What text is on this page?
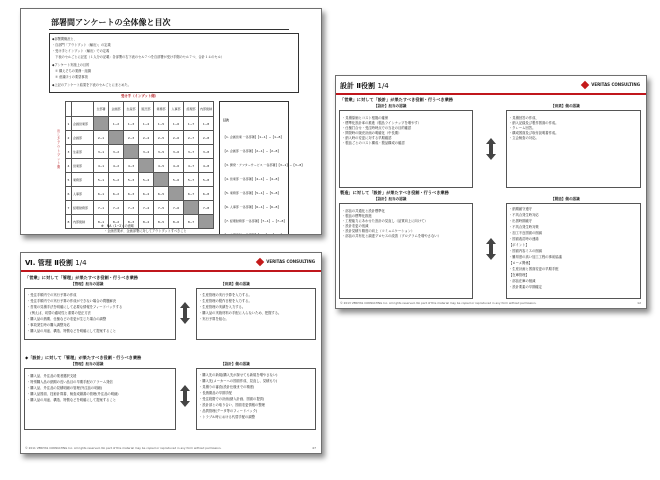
部署間アンケートの全体像と目次
◆部署間概況と、
・自部門「アウトプット（輸出）」の定義
・受け手とインプット（輸出）での定義
　下表のセルごとに記述（１人分の記載：各部署の右下表のセル７つを自部署が受け手側のセル７つ、合計１４のセル）
◆アンケート実施上の目的
　① 構えそちの業務・組織
　② 意識ほうの要望事項
◆上記のアンケート結果を下表のセルごとにまとめた。
受け手（インプット側）
出しそアウトプット側
		全部署	企画部	生産部	販売部	業務部	人事部	経理部	内部統制
1	企画営業部		1−2	1−3	1−4	1−5	1−6	1−7	1−8
2	企画部	2−1		2−3	2−4	2−5	2−6	2−7	2−8
3	生産部	3−1	3−2		3−4	3−5	3−6	3−7	3−8
4	営業部	4−1	4−2	4−3		4−5	4−6	4−7	4−8
5	業務部	5−1	5−2	5−3	5−4		5−6	5−7	5−8
6	人事部	6−1	6−2	6−3	6−4	6−5		6−7	6−8
7	経理財務部	7−1	7−2	7−3	7−4	7−5	7−6		7−8
8	内部統制	8−1	8−2	8−3	8−4	8−5	8−6	8−7	
目次
【1. 企画営業 一各部署】【1−1】−【1−8】
【2. 企画部 一各部署】【2−1】−【2−8】
【3. 開発・アフターサービス 一各部署】【3−1】−【3−8】
【4. 営業部 一各部署】【4−1】−【4−8】
【5. 業務部 一各部署】【5−1】−【5−8】
【6. 人事部 一各部署】【6−1】−【6−8】
【7. 経理財務部 一各部署】【7−1】−【7−8】
【8. 内部統制 一各部署】【8−1】−【8−8】
※　NA（1−2）の意味
　・企画営業が、企画部署に対してアウトプットすべきこと
設計 Ⅱ役割 1/4	VERITAS CONSULTING
「営業」に対して「設計」が果たすべき役割・行うべき業務
【設計】担当の認識	【営業】側の認識
・見積原価とコスト根拠の確保
・標準化設計率の推進（製品ラインナップを増やす）
・仕様打合せ・受注時時点での当社の目的確認
・開発時の販売計画の明確化（中長期）
・納入時の変更に対する早期確認
・製品ごとのコスト構成・製品構成の確認
・見積回答の作成、
・納入記録及び製作図面の作成。
・クレーム回答。
・構成図面及び取付説明書作成。
・立会検査の対応。
製造」に対して「設計」が果たすべき役割・行うべき業務
【設計】担当の認識	【製造】側の認識
・部品の共通化と設計標準化
・製品の標準化推進
・工程能力にあわせた設計の見直し（品質向上に向けて）
・設計変更の低減
・設計見積り精度の向上（コミュニケーション）
・部品の共有化と調達プロセスの改善（プログラムを増やさない）
・納期厳守遵守
・不具合発生時対応
・出図時期厳守
・不具合発生時対策
・加工不良図面の削減
・図面改訂時の連絡
【ポイント】
・図面内容ミスの削減
・難易度の高い加工工程の事前協議
【ローメ関係】
・生産計画と図面変更の早期手配
【在庫管理】
・部品在庫の削減
・設計要素の早期確定
© 2013 VERITAS CONSULTING Inc. All rights reserved. No part of this material may be copied or reproduced in any form without permission.	12
Ⅵ. 管理 Ⅱ役割 1/4	VERITAS CONSULTING
「営業」に対して「管理」が果たすべき役割・行うべき業務
【管理】担当の認識	【営業】側の認識
・受注手順内での実行予算の作成
・受注手順内での実行予算の作成ができない場合の問題解決
・営業の見積手法を明確にして必要な情報をフィードバックする
　(例えば、切替の適切性と重要の是正方法
・購入品の納期、仕様などの変更が生じた場合の調整
・事故発生時の購入調整対応
・購入品の用途、構造、特徴などを明確にして提案すること
・生産管理の実行予算を入力する。
・生産管理の製作日程を入力する。
・生産管理の実績を入力する。
・購入品の実施材料の手配に入らないため、把握する。
・実行予算を組む。
◆「設計」に対して「管理」が果たすべき役割・行うべき業務
【管理】担当の認識	【設計】側の認識
・購入品、外注品の業者選択支援
・特別購入品の納期の長い品目の早期手配のアラーム発信
・購入品、外注品の見積明細の管理(外注品の明細)
・購入品図面、技術計算書、検査成績書の管理(外注品の明細)
・購入品の用途、構造、特徴などを明確にして提案すること
・購入先の新規(購入先が探せても新規を増やさない)
・購入先(メーカーへの図面作成、見直し、見積もり)
・見積りの審査(設計仕様までの精度)
・長納期品の早期手配
・受注段階での計画(納入計画、図面の提供)
・設計部との取り合い、図面変更情報の整理
・品質管理(データ等のフィードバック)
・トラブル時における代替手配の調整
© 2011 VERITAS CONSULTING Inc. All rights reserved. No part of this material may be copied or reproduced in any form without permission.	47
